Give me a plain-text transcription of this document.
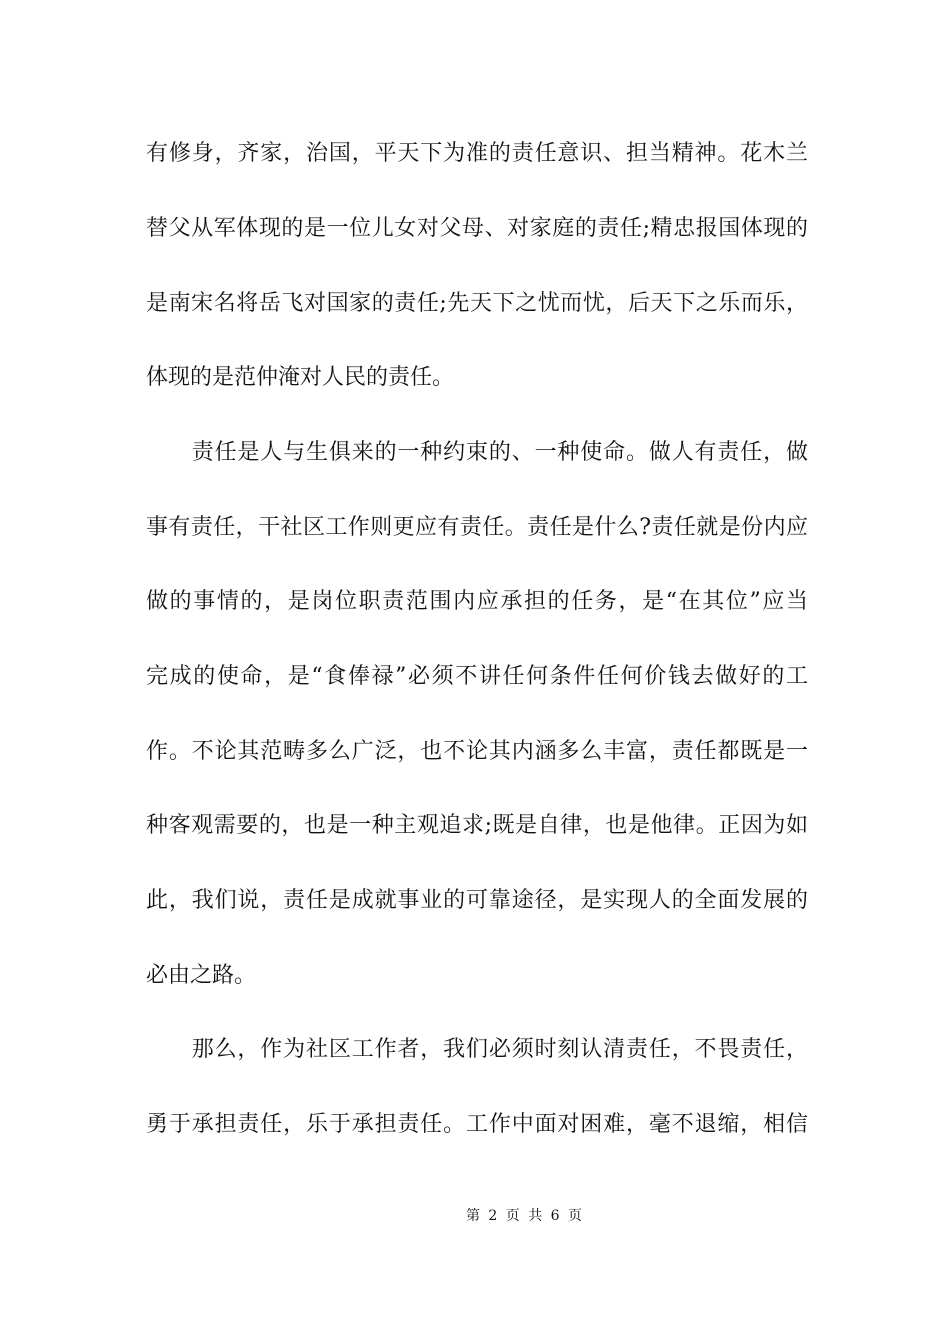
有修身，齐家，治国，平天下为准的责任意识、担当精神。花木兰
替父从军体现的是一位儿女对父母、对家庭的责任;精忠报国体现的
是南宋名将岳飞对国家的责任;先天下之忧而忧，后天下之乐而乐，
体现的是范仲淹对人民的责任。
　　责任是人与生俱来的一种约束的、一种使命。做人有责任，做
事有责任，干社区工作则更应有责任。责任是什么?责任就是份内应
做的事情的，是岗位职责范围内应承担的任务，是“在其位”应当
完成的使命，是“食俸禄”必须不讲任何条件任何价钱去做好的工
作。不论其范畴多么广泛，也不论其内涵多么丰富，责任都既是一
种客观需要的，也是一种主观追求;既是自律，也是他律。正因为如
此，我们说，责任是成就事业的可靠途径，是实现人的全面发展的
必由之路。
　　那么，作为社区工作者，我们必须时刻认清责任，不畏责任，
勇于承担责任，乐于承担责任。工作中面对困难，毫不退缩，相信
第 2 页 共 6 页
